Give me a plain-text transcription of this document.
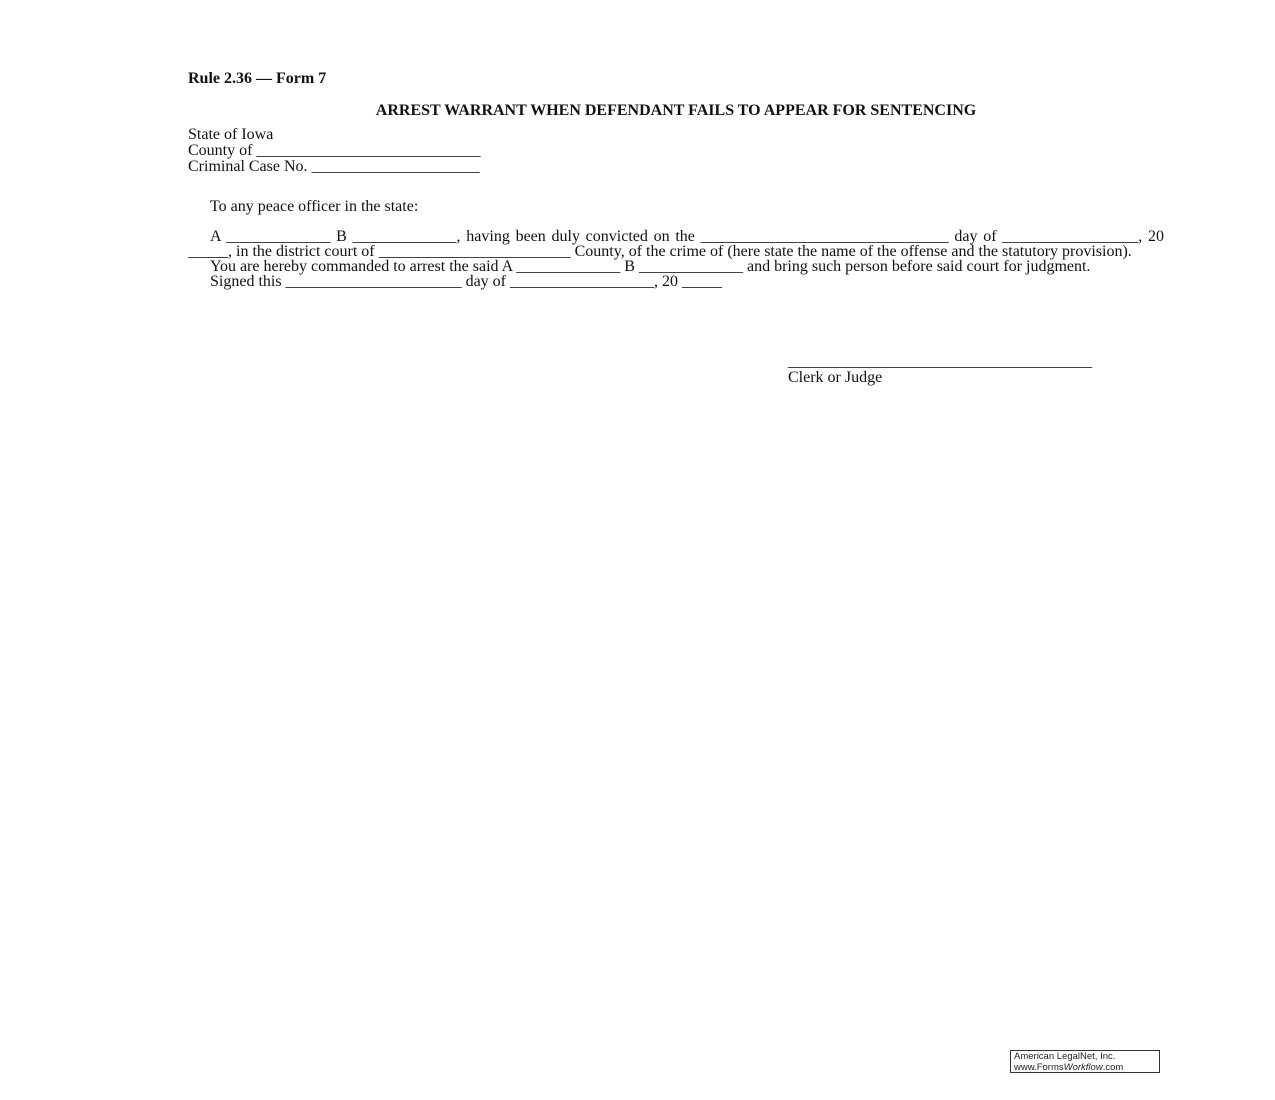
Rule 2.36 — Form 7
ARREST WARRANT WHEN DEFENDANT FAILS TO APPEAR FOR SENTENCING
State of Iowa
County of ____________________________
Criminal Case No. _____________________
To any peace officer in the state:

A _____________ B _____________, having been duly convicted on the _______________________________ day of _________________, 20 _____, in the district court of ________________________ County, of the crime of (here state the name of the offense and the statutory provision).

You are hereby commanded to arrest the said A _____________ B _____________ and bring such person before said court for judgment.

Signed this ______________________ day of __________________, 20 _____

______________________________________
Clerk or Judge
American LegalNet, Inc.
www.FormsWorkflow.com
